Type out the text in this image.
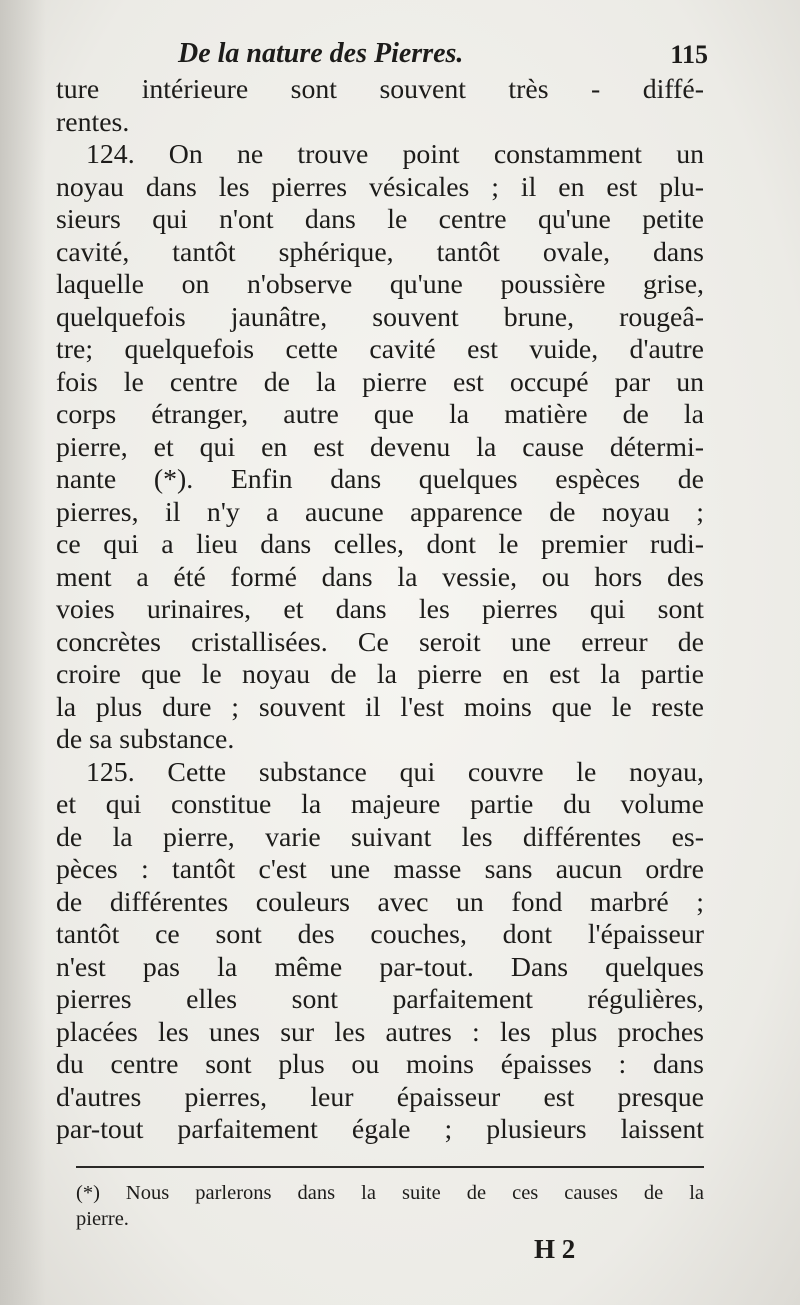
De la nature des Pierres.	115
ture intérieure sont souvent très - diffé-
rentes.
124. On ne trouve point constamment un
noyau dans les pierres vésicales ; il en est plu-
sieurs qui n'ont dans le centre qu'une petite
cavité, tantôt sphérique, tantôt ovale, dans
laquelle on n'observe qu'une poussière grise,
quelquefois jaunâtre, souvent brune, rougeâ-
tre; quelquefois cette cavité est vuide, d'autre
fois le centre de la pierre est occupé par un
corps étranger, autre que la matière de la
pierre, et qui en est devenu la cause détermi-
nante (*). Enfin dans quelques espèces de
pierres, il n'y a aucune apparence de noyau ;
ce qui a lieu dans celles, dont le premier rudi-
ment a été formé dans la vessie, ou hors des
voies urinaires, et dans les pierres qui sont
concrètes cristallisées. Ce seroit une erreur de
croire que le noyau de la pierre en est la partie
la plus dure ; souvent il l'est moins que le reste
de sa substance.
125. Cette substance qui couvre le noyau,
et qui constitue la majeure partie du volume
de la pierre, varie suivant les différentes es-
pèces : tantôt c'est une masse sans aucun ordre
de différentes couleurs avec un fond marbré ;
tantôt ce sont des couches, dont l'épaisseur
n'est pas la même par-tout. Dans quelques
pierres elles sont parfaitement régulières,
placées les unes sur les autres : les plus proches
du centre sont plus ou moins épaisses : dans
d'autres pierres, leur épaisseur est presque
par-tout parfaitement égale ; plusieurs laissent
(*) Nous parlerons dans la suite de ces causes de la
pierre.
H 2
